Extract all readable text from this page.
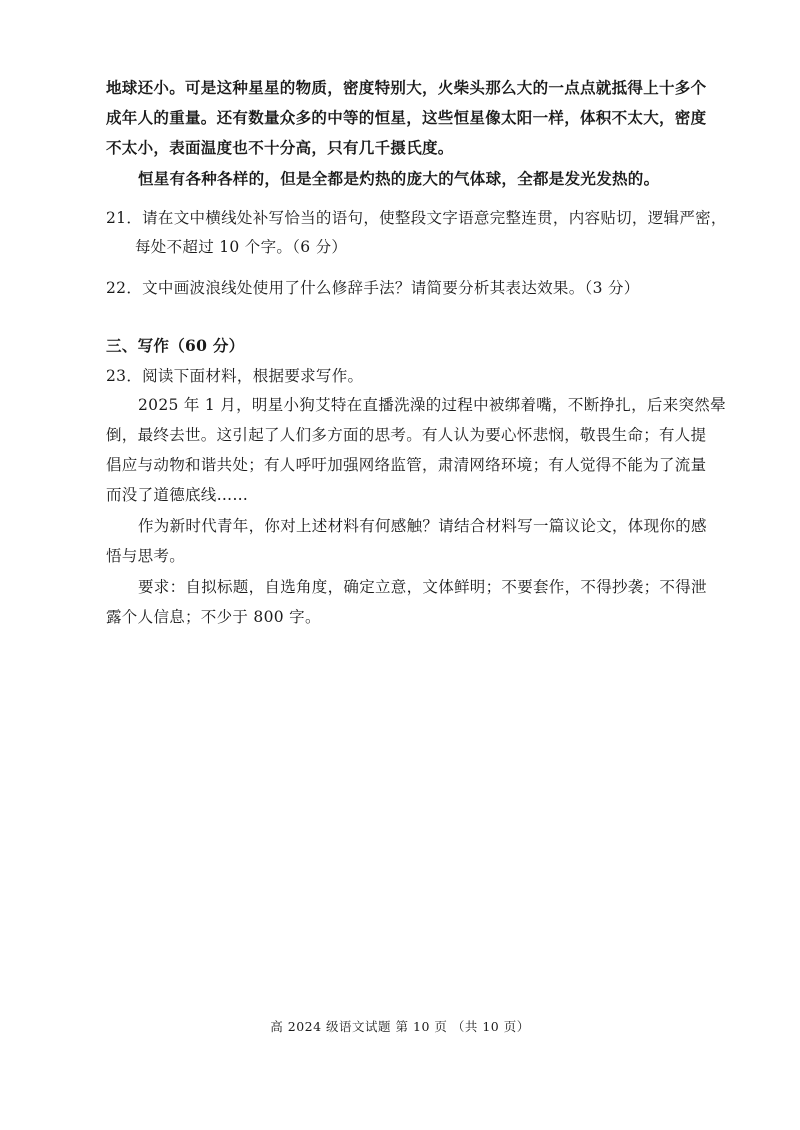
地球还小。可是这种星星的物质，密度特别大，火柴头那么大的一点点就抵得上十多个
成年人的重量。还有数量众多的中等的恒星，这些恒星像太阳一样，体积不太大，密度
不太小，表面温度也不十分高，只有几千摄氏度。
恒星有各种各样的，但是全都是灼热的庞大的气体球，全都是发光发热的。
21．请在文中横线处补写恰当的语句，使整段文字语意完整连贯，内容贴切，逻辑严密，
每处不超过 10 个字。（6 分）
22．文中画波浪线处使用了什么修辞手法？请简要分析其表达效果。（3 分）
三、写作（60 分）
23．阅读下面材料，根据要求写作。
2025 年 1 月，明星小狗艾特在直播洗澡的过程中被绑着嘴，不断挣扎，后来突然晕
倒，最终去世。这引起了人们多方面的思考。有人认为要心怀悲悯，敬畏生命；有人提
倡应与动物和谐共处；有人呼吁加强网络监管，肃清网络环境；有人觉得不能为了流量
而没了道德底线……
作为新时代青年，你对上述材料有何感触？请结合材料写一篇议论文，体现你的感
悟与思考。
要求：自拟标题，自选角度，确定立意，文体鲜明；不要套作，不得抄袭；不得泄
露个人信息；不少于 800 字。
高 2024 级语文试题 第 10 页 （共 10 页）
